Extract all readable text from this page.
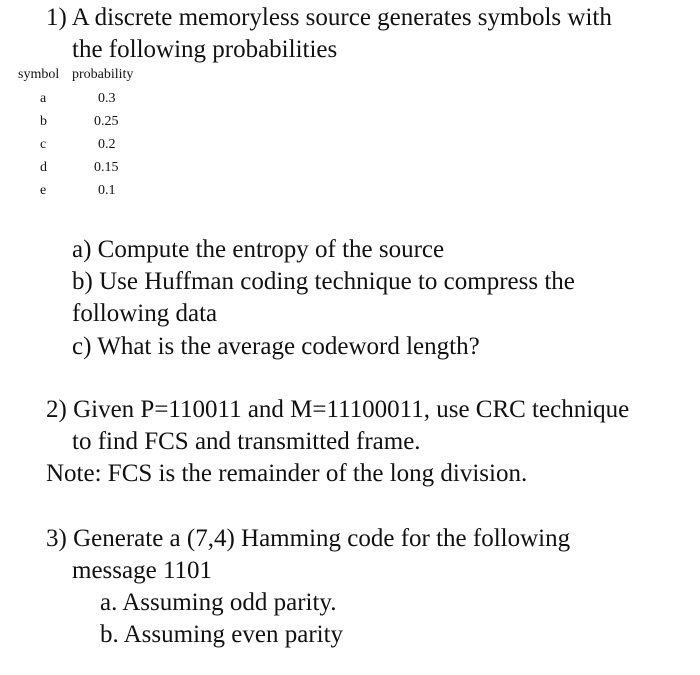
1) A discrete memoryless source generates symbols with
the following probabilities
symbol probability
a	0.3
b	0.25
c	0.2
d	0.15
e	0.1
a) Compute the entropy of the source
b) Use Huffman coding technique to compress the
following data
c) What is the average codeword length?
2) Given P=110011 and M=11100011, use CRC technique
to find FCS and transmitted frame.
Note: FCS is the remainder of the long division.
3) Generate a (7,4) Hamming code for the following
message 1101
a. Assuming odd parity.
b. Assuming even parity
